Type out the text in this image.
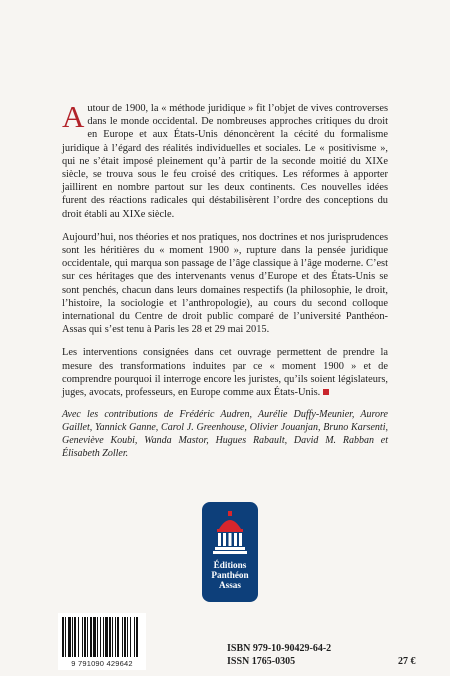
Autour de 1900, la « méthode juridique » fit l’objet de vives controverses dans le monde occidental. De nombreuses approches critiques du droit en Europe et aux États-Unis dénoncèrent la cécité du formalisme juridique à l’égard des réalités individuelles et sociales. Le « positivisme », qui ne s’était imposé pleinement qu’à partir de la seconde moitié du XIXe siècle, se trouva sous le feu croisé des critiques. Les réformes à apporter jaillirent en nombre partout sur les deux continents. Ces nouvelles idées furent des réactions radicales qui déstabilisèrent l’ordre des conceptions du droit établi au XIXe siècle.

Aujourd’hui, nos théories et nos pratiques, nos doctrines et nos jurisprudences sont les héritières du « moment 1900 », rupture dans la pensée juridique occidentale, qui marqua son passage de l’âge classique à l’âge moderne. C’est sur ces héritages que des intervenants venus d’Europe et des États-Unis se sont penchés, chacun dans leurs domaines respectifs (la philosophie, le droit, l’histoire, la sociologie et l’anthropologie), au cours du second colloque international du Centre de droit public comparé de l’université Panthéon-Assas qui s’est tenu à Paris les 28 et 29 mai 2015.

Les interventions consignées dans cet ouvrage permettent de prendre la mesure des transformations induites par ce « moment 1900 » et de comprendre pourquoi il interroge encore les juristes, qu’ils soient législateurs, juges, avocats, professeurs, en Europe comme aux États-Unis.

Avec les contributions de Frédéric Audren, Aurélie Duffy-Meunier, Aurore Gaillet, Yannick Ganne, Carol J. Greenhouse, Olivier Jouanjan, Bruno Karsenti, Geneviève Koubi, Wanda Mastor, Hugues Rabault, David M. Rabban et Élisabeth Zoller.

Éditions
Panthéon
Assas
9 791090 429642
ISBN 979-10-90429-64-2
ISSN 1765-0305	27 €
